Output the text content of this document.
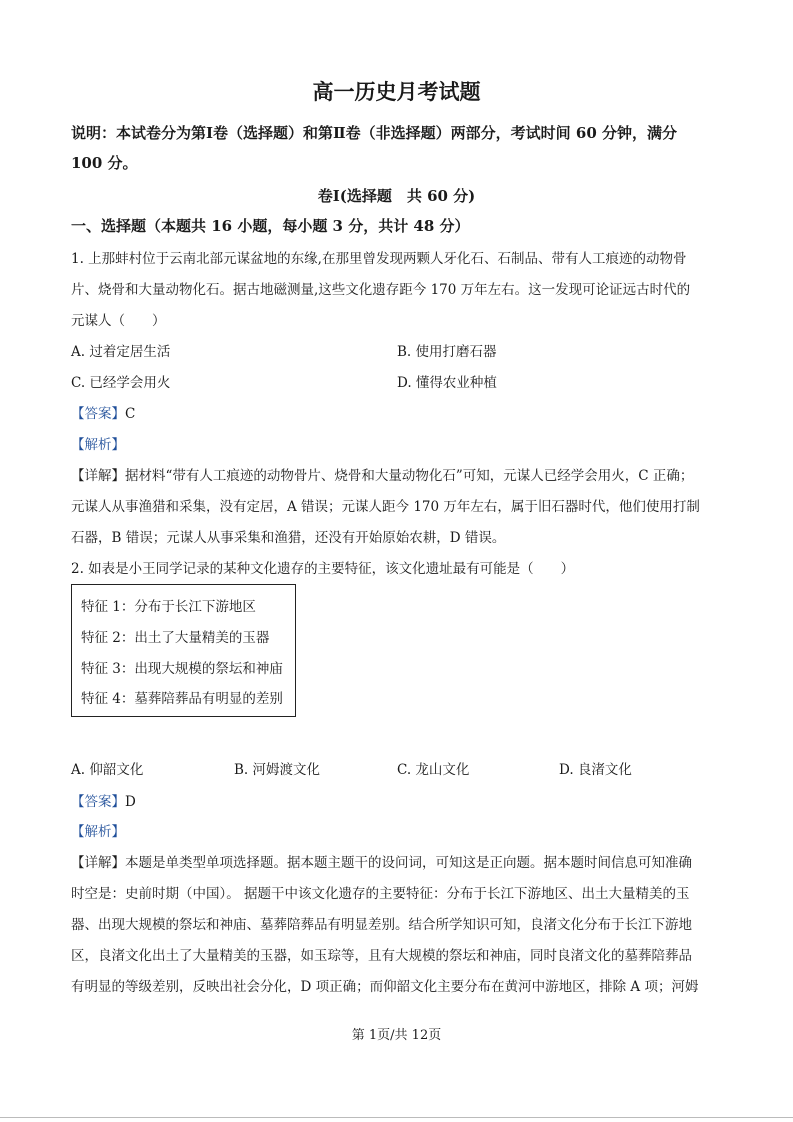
高一历史月考试题
说明：本试卷分为第Ⅰ卷（选择题）和第Ⅱ卷（非选择题）两部分，考试时间 60 分钟，满分
100 分。
卷Ⅰ(选择题　共 60 分)
一、选择题（本题共 16 小题，每小题 3 分，共计 48 分）
1. 上那蚌村位于云南北部元谋盆地的东缘,在那里曾发现两颗人牙化石、石制品、带有人工痕迹的动物骨
片、烧骨和大量动物化石。据古地磁测量,这些文化遗存距今 170 万年左右。这一发现可论证远古时代的
元谋人（　　）
A. 过着定居生活	B. 使用打磨石器
C. 已经学会用火	D. 懂得农业种植
【答案】C
【解析】
【详解】据材料“带有人工痕迹的动物骨片、烧骨和大量动物化石”可知，元谋人已经学会用火，C 正确；
元谋人从事渔猎和采集，没有定居，A 错误；元谋人距今 170 万年左右，属于旧石器时代，他们使用打制
石器，B 错误；元谋人从事采集和渔猎，还没有开始原始农耕，D 错误。
2. 如表是小王同学记录的某种文化遗存的主要特征，该文化遗址最有可能是（　　）
特征 1：分布于长江下游地区
特征 2：出土了大量精美的玉器
特征 3：出现大规模的祭坛和神庙
特征 4：墓葬陪葬品有明显的差别
A. 仰韶文化	B. 河姆渡文化	C. 龙山文化	D. 良渚文化
【答案】D
【解析】
【详解】本题是单类型单项选择题。据本题主题干的设问词，可知这是正向题。据本题时间信息可知准确
时空是：史前时期（中国）。 据题干中该文化遗存的主要特征：分布于长江下游地区、出土大量精美的玉
器、出现大规模的祭坛和神庙、墓葬陪葬品有明显差别。结合所学知识可知，良渚文化分布于长江下游地
区，良渚文化出土了大量精美的玉器，如玉琮等，且有大规模的祭坛和神庙，同时良渚文化的墓葬陪葬品
有明显的等级差别，反映出社会分化，D 项正确；而仰韶文化主要分布在黄河中游地区，排除 A 项；河姆
第 1页/共 12页
